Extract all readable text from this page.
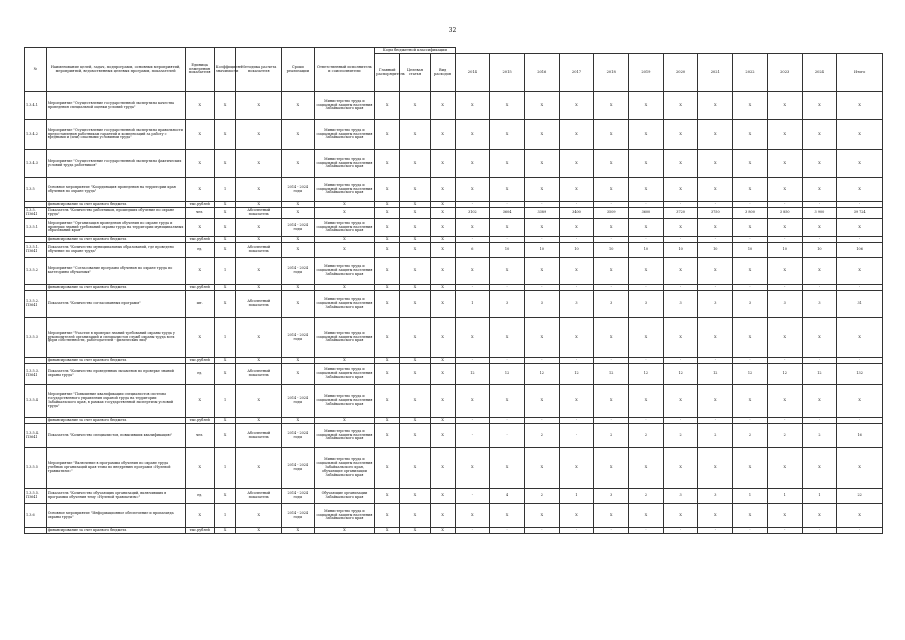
32
№	Наименование целей, задач, подпрограмм, основных мероприятий, мероприятий, ведомственных целевых программ, показателей	Единица измерения показателя	Коэффициент значимости	Методика расчета показателя	Сроки реализации	Ответственный исполнитель и соисполнители	Коды бюджетной классификации														
							Главный распорядитель	Целевая статья	Вид расходов	2014	2015	2016	2017	2018	2019	2020	2021	2022	2023	2024	Итого
1.3.4.1	Мероприятие "Осуществление государственной экспертизы качества проведения специальной оценки условий труда"	Х	Х	Х	Х	Министерство труда и социальной защиты населения Забайкальского края	Х	Х	Х	Х	Х	Х	Х	Х	Х	Х	Х	Х	Х	Х	Х
1.3.4.2	Мероприятие "Осуществление государственной экспертизы правильности предоставления работникам гарантий и компенсаций за работу с вредными и (или) опасными условиями труда"	Х	Х	Х	Х	Министерство труда и социальной защиты населения Забайкальского края	Х	Х	Х	Х	Х	Х	Х	Х	Х	Х	Х	Х	Х	Х	Х
1.3.4.3	Мероприятие "Осуществление государственной экспертизы фактических условий труда работников"	Х	Х	Х	Х	Министерство труда и социальной защиты населения Забайкальского края	Х	Х	Х	Х	Х	Х	Х	Х	Х	Х	Х	Х	Х	Х	Х
1.3.5	Основное мероприятие "Координация проведения на территории края обучения по охране труда"	Х	1	Х	2014 - 2024 годы	Министерство труда и социальной защиты населения Забайкальского края	Х	Х	Х	Х	Х	Х	Х	Х	Х	Х	Х	Х	Х	Х	Х
	финансирование за счет краевого бюджета	тыс.рублей	Х	Х	Х	Х	Х	Х	Х	-	-	-	-	-	-	-	-	-	-	-	-
1.3.5. ПЗ641	Показатель "Количество работников, прошедших обучение по охране труда"	чел.	Х	Абсолютный показатель	Х	Х	Х	Х	Х	3102	3604	3389	3400	3509	3600	3720	3750	3 800	3 850	3 900	39 724
1.3.5.1	Мероприятие "Организация проведения обучения по охране труда и проверки знаний требований охраны труда на территории муниципальных образований края"	Х	Х	Х	2014 - 2024 годы	Министерство труда и социальной защиты населения Забайкальского края	Х	Х	Х	Х	Х	Х	Х	Х	Х	Х	Х	Х	Х	Х	Х
	финансирование за счет краевого бюджета	тыс.рублей	Х	Х	Х	Х	Х	Х	Х	-	-	-	-	-	-	-	-	-	-	-	-
1.3.5.1. ПЗ641	Показатель "Количество муниципальных образований, где проведено обучение по охране труда"	ед.	Х	Абсолютный показатель	Х	Х	Х	Х	Х	6	10	10	10	10	10	10	10	10	10	10	106
1.3.5.2	Мероприятие "Согласование программ обучения по охране труда по категориям обучаемых"	Х	1	Х	2014 - 2024 годы	Министерство труда и социальной защиты населения Забайкальского края	Х	Х	Х	Х	Х	Х	Х	Х	Х	Х	Х	Х	Х	Х	Х
	финансирование за счет краевого бюджета	тыс.рублей	Х	Х	Х	Х	Х	Х	Х	-	-	-	-	-	-	-	-	-	-	-	-
1.3.5.2. ПЗ641	Показатель "Количество согласованных программ"	шт.	Х	Абсолютный показатель	Х	Министерство труда и социальной защиты населения Забайкальского края	Х	Х	Х	1	3	3	3	3	3	3	3	3	3	3	31
1.3.5.3	Мероприятие "Участие в проверке знаний требований охраны труда у руководителей организаций и специалистов служб охраны труда всех форм собственности, работодателей - физических лиц"	Х	1	Х	2014 - 2024 годы	Министерство труда и социальной защиты населения Забайкальского края	Х	Х	Х	Х	Х	Х	Х	Х	Х	Х	Х	Х	Х	Х	Х
	финансирование за счет краевого бюджета	тыс.рублей	Х	Х	Х	Х	Х	Х	Х	-	-	-	-	-	-	-	-	-	-	-	-
1.3.5.3. ПЗ641	Показатель "Количество проведенных экзаменов по проверке знаний охраны труда"	ед.	Х	Абсолютный показатель	Х	Министерство труда и социальной защиты населения Забайкальского края	Х	Х	Х	12	12	12	12	12	12	12	12	12	12	12	132
1.3.5.4	Мероприятие "Повышение квалификации специалистов системы государственного управления охраной труда на территории Забайкальского края, в рамках государственной экспертизы условий труда"	Х	1	Х	2014 - 2024 годы	Министерство труда и социальной защиты населения Забайкальского края	Х	Х	Х	Х	Х	Х	Х	Х	Х	Х	Х	Х	Х	Х	Х
	финансирование за счет краевого бюджета	тыс.рублей	Х	Х	Х	Х	Х	Х	Х	-	-	-	-	-	-	-	-	-	-	-	-
1.3.5.4. ПЗ641	Показатель "Количество специалистов, повысивших квалификацию"	чел.	Х	Абсолютный показатель	2014 - 2024 годы	Министерство труда и социальной защиты населения Забайкальского края	Х	Х	Х	-	-	2	-	2	2	2	2	2	2	2	16
1.3.5.5	Мероприятие "Включение в программы обучения по охране труда учебных организаций края темы по внедрению программ «Нулевой травматизм»"	Х	1	Х	2014 - 2024 годы	Министерство труда и социальной защиты населения Забайкальского края, обучающие организации Забайкальского края	Х	Х	Х	Х	Х	Х	Х	Х	Х	Х	Х	Х	Х	Х	Х
1.3.5.5. ПЗ641	Показатель "Количество обучающих организаций, включивших в программы обучения тему «Нулевой травматизм»"	ед.	Х	Абсолютный показатель	2014 - 2024 годы	Обучающие организации Забайкальского края	Х	Х	Х	-	4	2	1	3	2	3	3	1	1	1	22
1.3.6	Основное мероприятие "Информационное обеспечение и пропаганда охраны труда"	Х	1	Х	2014 - 2024 годы	Министерство труда и социальной защиты населения Забайкальского края	Х	Х	Х	Х	Х	Х	Х	Х	Х	Х	Х	Х	Х	Х	Х
	финансирование за счет краевого бюджета	тыс.рублей	Х	Х	Х	Х	Х	Х	Х	-	-	-	-	-	-	-	-	-	-	-	-
